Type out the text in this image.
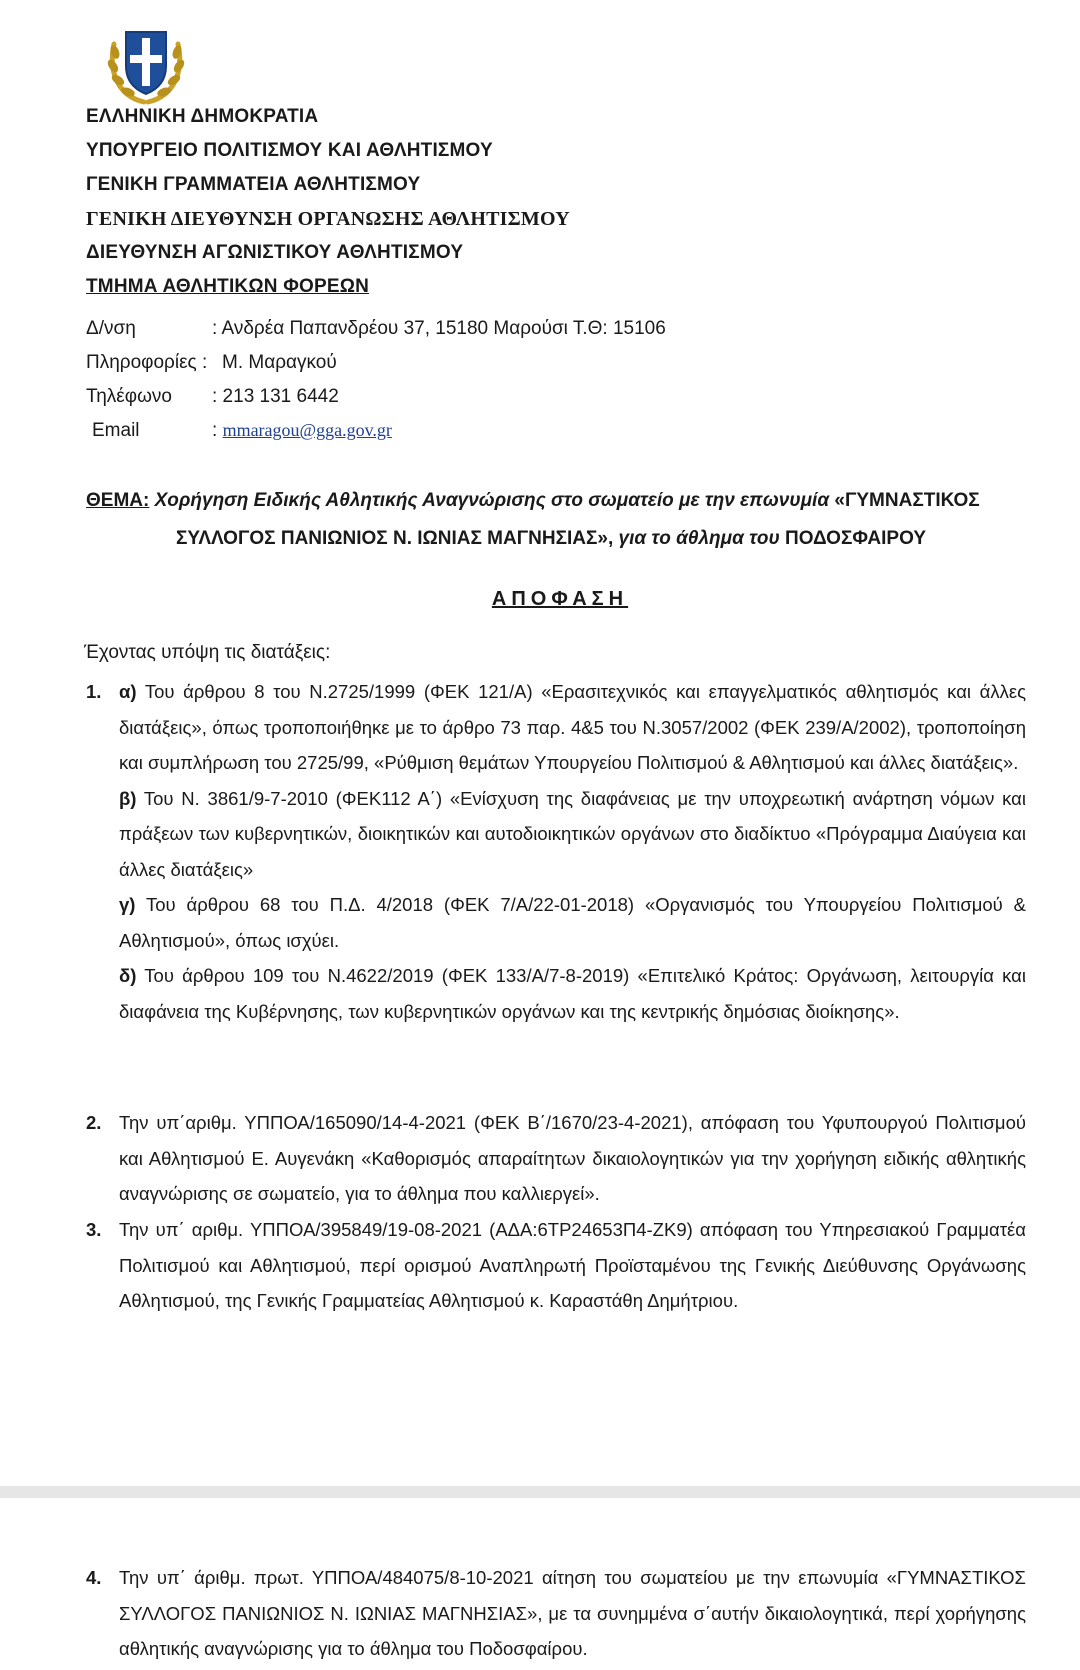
ΕΛΛΗΝΙΚΗ ΔΗΜΟΚΡΑΤΙΑ
ΥΠΟΥΡΓΕΙΟ ΠΟΛΙΤΙΣΜΟΥ ΚΑΙ ΑΘΛΗΤΙΣΜΟΥ
ΓΕΝΙΚΗ ΓΡΑΜΜΑΤΕΙΑ ΑΘΛΗΤΙΣΜΟΥ
ΓΕΝΙΚΗ ΔΙΕΥΘΥΝΣΗ ΟΡΓΑΝΩΣΗΣ ΑΘΛΗΤΙΣΜΟΥ
ΔΙΕΥΘΥΝΣΗ ΑΓΩΝΙΣΤΙΚΟΥ ΑΘΛΗΤΙΣΜΟΥ
ΤΜΗΜΑ ΑΘΛΗΤΙΚΩΝ ΦΟΡΕΩΝ
Δ/νση	: Ανδρέα Παπανδρέου 37, 15180 Μαρούσι Τ.Θ: 15106
Πληροφορίες : Μ. Μαραγκού
Τηλέφωνο : 213 131 6442
Email	: mmaragou@gga.gov.gr
ΘΕΜΑ: Χορήγηση Ειδικής Αθλητικής Αναγνώρισης στο σωματείο με την επωνυμία «ΓΥΜΝΑΣΤΙΚΟΣ
ΣΥΛΛΟΓΟΣ ΠΑΝΙΩΝΙΟΣ Ν. ΙΩΝΙΑΣ ΜΑΓΝΗΣΙΑΣ», για το άθλημα του ΠΟΔΟΣΦΑΙΡΟΥ
ΑΠΟΦΑΣΗ
Έχοντας υπόψη τις διατάξεις:
1. α) Του άρθρου 8 του Ν.2725/1999 (ΦΕΚ 121/Α) «Ερασιτεχνικός και επαγγελματικός αθλητισμός και άλλες διατάξεις», όπως τροποποιήθηκε με το άρθρο 73 παρ. 4&5 του Ν.3057/2002 (ΦΕΚ 239/Α/2002), τροποποίηση και συμπλήρωση του 2725/99, «Ρύθμιση θεμάτων Υπουργείου Πολιτισμού & Αθλητισμού και άλλες διατάξεις».
β) Του Ν. 3861/9-7-2010 (ΦΕΚ112 Α΄) «Ενίσχυση της διαφάνειας με την υποχρεωτική ανάρτηση νόμων και πράξεων των κυβερνητικών, διοικητικών και αυτοδιοικητικών οργάνων στο διαδίκτυο «Πρόγραμμα Διαύγεια και άλλες διατάξεις»
γ) Του άρθρου 68 του Π.Δ. 4/2018 (ΦΕΚ 7/Α/22-01-2018) «Οργανισμός του Υπουργείου Πολιτισμού & Αθλητισμού», όπως ισχύει.
δ) Του άρθρου 109 του Ν.4622/2019 (ΦΕΚ 133/Α/7-8-2019) «Επιτελικό Κράτος: Οργάνωση, λειτουργία και διαφάνεια της Κυβέρνησης, των κυβερνητικών οργάνων και της κεντρικής δημόσιας διοίκησης».
2. Την υπ΄αριθμ. ΥΠΠΟΑ/165090/14-4-2021 (ΦΕΚ Β΄/1670/23-4-2021), απόφαση του Υφυπουργού Πολιτισμού και Αθλητισμού Ε. Αυγενάκη «Καθορισμός απαραίτητων δικαιολογητικών για την χορήγηση ειδικής αθλητικής αναγνώρισης σε σωματείο, για το άθλημα που καλλιεργεί».
3. Την υπ΄ αριθμ. ΥΠΠΟΑ/395849/19-08-2021 (ΑΔΑ:6ΤΡ24653Π4-ΖΚ9) απόφαση του Υπηρεσιακού Γραμματέα Πολιτισμού και Αθλητισμού, περί ορισμού Αναπληρωτή Προϊσταμένου της Γενικής Διεύθυνσης Οργάνωσης Αθλητισμού, της Γενικής Γραμματείας Αθλητισμού κ. Καραστάθη Δημήτριου.
4. Την υπ΄ άριθμ. πρωτ. ΥΠΠΟΑ/484075/8-10-2021 αίτηση του σωματείου με την επωνυμία «ΓΥΜΝΑΣΤΙΚΟΣ ΣΥΛΛΟΓΟΣ ΠΑΝΙΩΝΙΟΣ Ν. ΙΩΝΙΑΣ ΜΑΓΝΗΣΙΑΣ», με τα συνημμένα σ΄αυτήν δικαιολογητικά, περί χορήγησης αθλητικής αναγνώρισης για το άθλημα του Ποδοσφαίρου.
